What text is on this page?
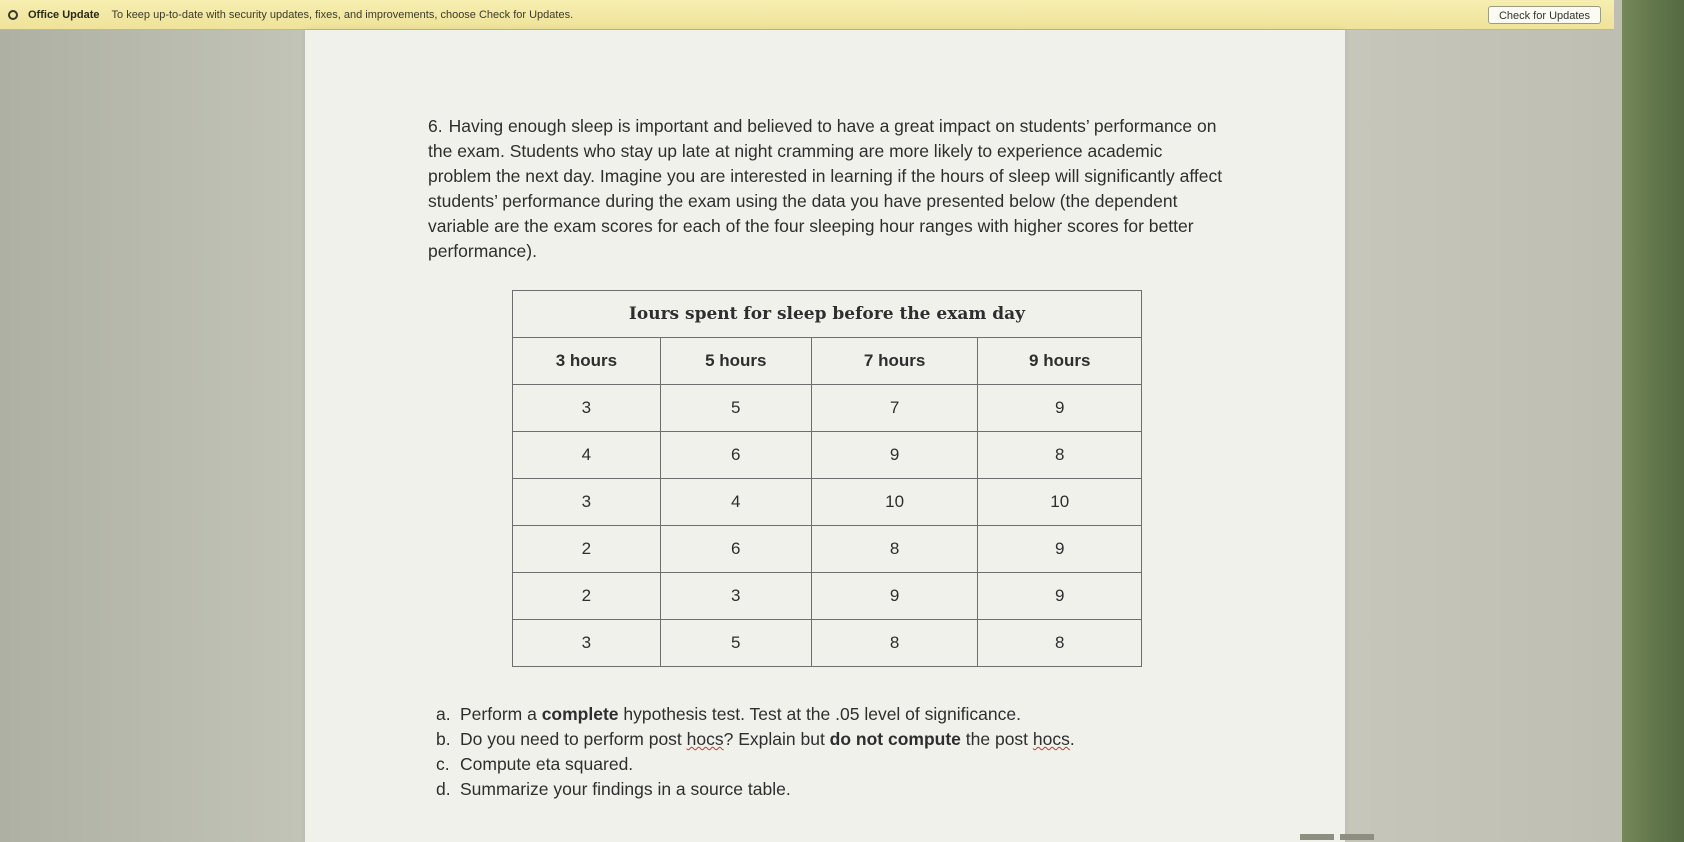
Office Update To keep up-to-date with security updates, fixes, and improvements, choose Check for Updates.	Check for Updates

6. Having enough sleep is important and believed to have a great impact on students’ performance on the exam. Students who stay up late at night cramming are more likely to experience academic problem the next day. Imagine you are interested in learning if the hours of sleep will significantly affect students’ performance during the exam using the data you have presented below (the dependent variable are the exam scores for each of the four sleeping hour ranges with higher scores for better performance).

Iours spent for sleep before the exam day			
3 hours	5 hours	7 hours	9 hours
3	5	7	9
4	6	9	8
3	4	10	10
2	6	8	9
2	3	9	9
3	5	8	8
a. Perform a complete hypothesis test. Test at the .05 level of significance.
b. Do you need to perform post hocs? Explain but do not compute the post hocs.
c. Compute eta squared.
d. Summarize your findings in a source table.
